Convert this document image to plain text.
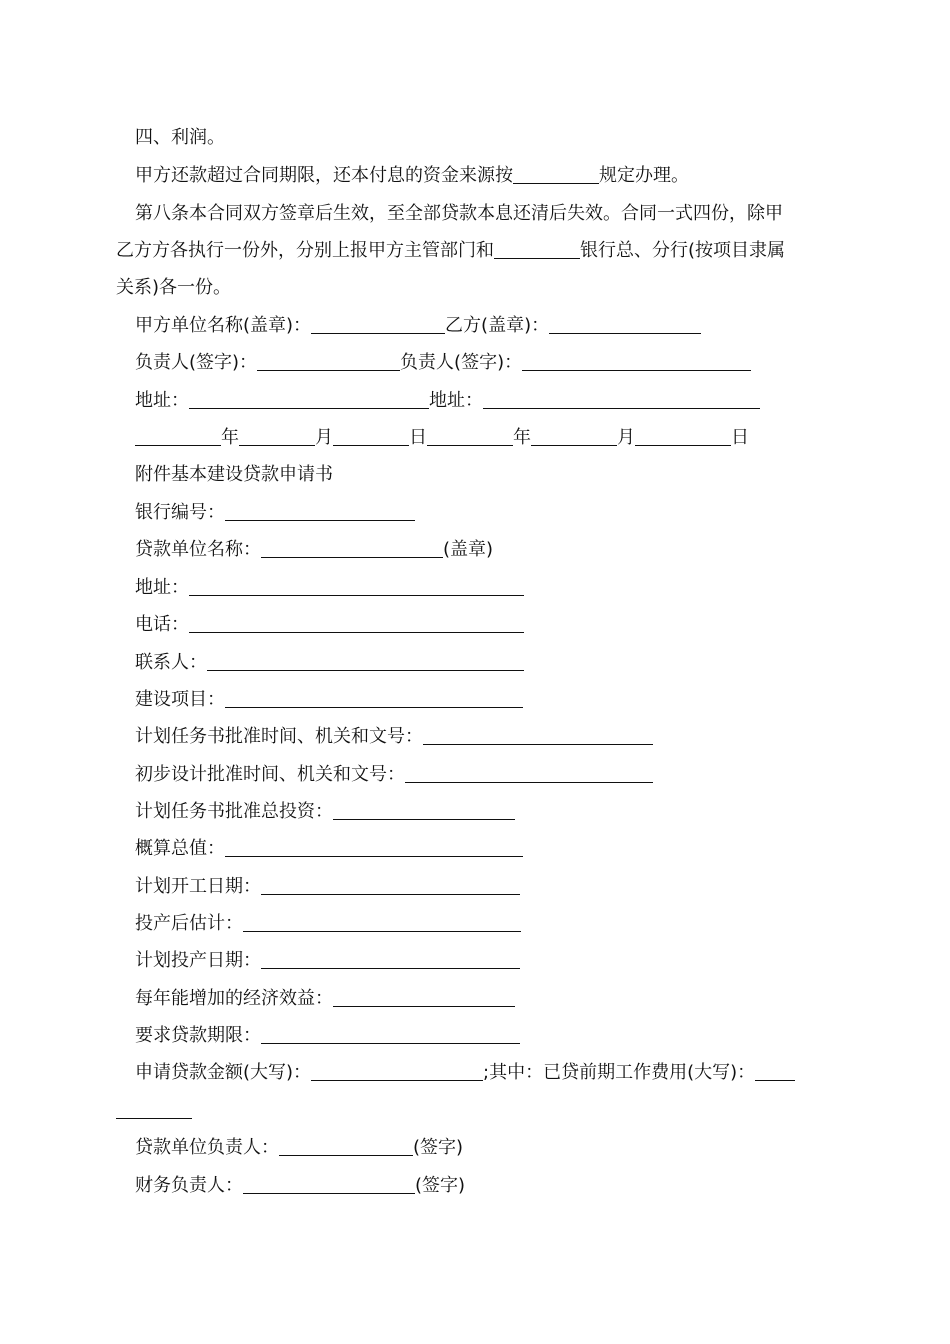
四、利润。
甲方还款超过合同期限，还本付息的资金来源按	规定办理。
第八条本合同双方签章后生效，至全部贷款本息还清后失效。合同一式四份，除甲
乙方方各执行一份外，分别上报甲方主管部门和	银行总、分行(按项目隶属
关系)各一份。
甲方单位名称(盖章)：	乙方(盖章)：
负责人(签字)：	负责人(签字)：
地址：	地址：
年	月	日	年	月	日
附件基本建设贷款申请书
银行编号：
贷款单位名称：	(盖章)
地址：
电话：
联系人：
建设项目：
计划任务书批准时间、机关和文号：
初步设计批准时间、机关和文号：
计划任务书批准总投资：
概算总值：
计划开工日期：
投产后估计：
计划投产日期：
每年能增加的经济效益：
要求贷款期限：
申请贷款金额(大写)：	;其中：已贷前期工作费用(大写)：
贷款单位负责人：	(签字)
财务负责人：	(签字)
